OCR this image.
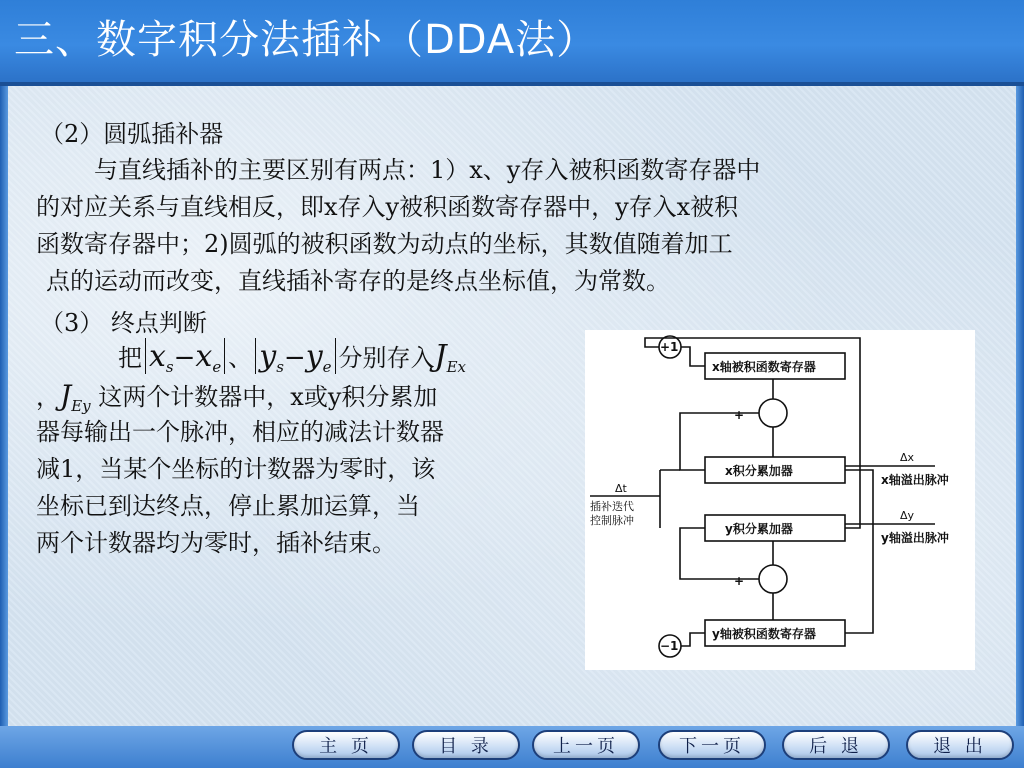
三、数字积分法插补（DDA法）
（2）圆弧插补器
与直线插补的主要区别有两点：1）x、y存入被积函数寄存器中
的对应关系与直线相反，即x存入y被积函数寄存器中，y存入x被积
函数寄存器中；2)圆弧的被积函数为动点的坐标，其数值随着加工
点的运动而改变，直线插补寄存的是终点坐标值，为常数。
（3） 终点判断
把 $x_s-x_e$ 、 $y_s-y_e$ 分别存入$J_{Ex}$
，$J_{Ey}$ 这两个计数器中，x或y积分累加
器每输出一个脉冲，相应的减法计数器
减1，当某个坐标的计数器为零时，该
坐标已到达终点，停止累加运算，当
两个计数器均为零时，插补结束。
+
+
+1
−1
x轴被积函数寄存器
x积分累加器
y积分累加器
y轴被积函数寄存器
Δt
插补迭代
控制脉冲
Δx
x轴溢出脉冲
Δy
y轴溢出脉冲
主 页	目 录	上一页	下一页	后 退	退 出
